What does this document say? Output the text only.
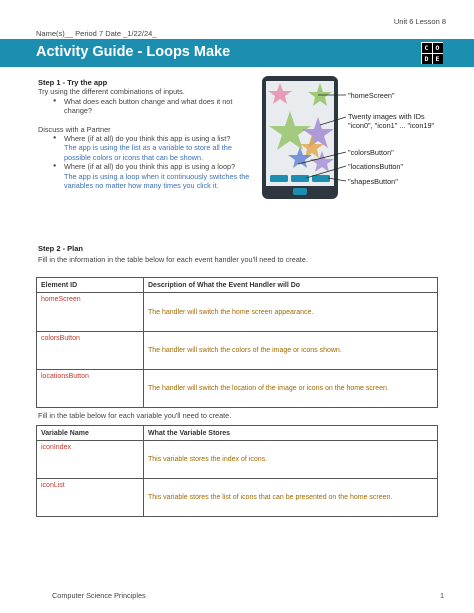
Unit 6 Lesson 8
Name(s)__ Period 7 Date _1/22/24_
Activity Guide - Loops Make	C	O
D	E
Step 1 - Try the app
Try using the different combinations of inputs.
● What does each button change and what does it not change?
Discuss with a Partner
● Where (if at all) do you think this app is using a list?
The app is using the list as a variable to store all the possible colors or icons that can be shown.
● Where (if at all) do you think this app is using a loop?
The app is using a loop when it continuously switches the variables no matter how many times you click it.
"homeScreen"
Twenty images with IDs
"icon0", "icon1" ... "icon19"
"colorsButton"
"locationsButton"
"shapesButton"
Step 2 - Plan
Fill in the information in the table below for each event handler you'll need to create.
Element ID	Description of What the Event Handler will Do
homeScreen	The handler will switch the home screen appearance.
colorsButton	The handler will switch the colors of the image or icons shown.
locationsButton	The handler will switch the location of the image or icons on the home screen.
Fill in the table below for each variable you'll need to create.
Variable Name	What the Variable Stores
iconIndex	This variable stores the index of icons.
iconList	This variable stores the list of icons that can be presented on the home screen.
Computer Science Principles	1
